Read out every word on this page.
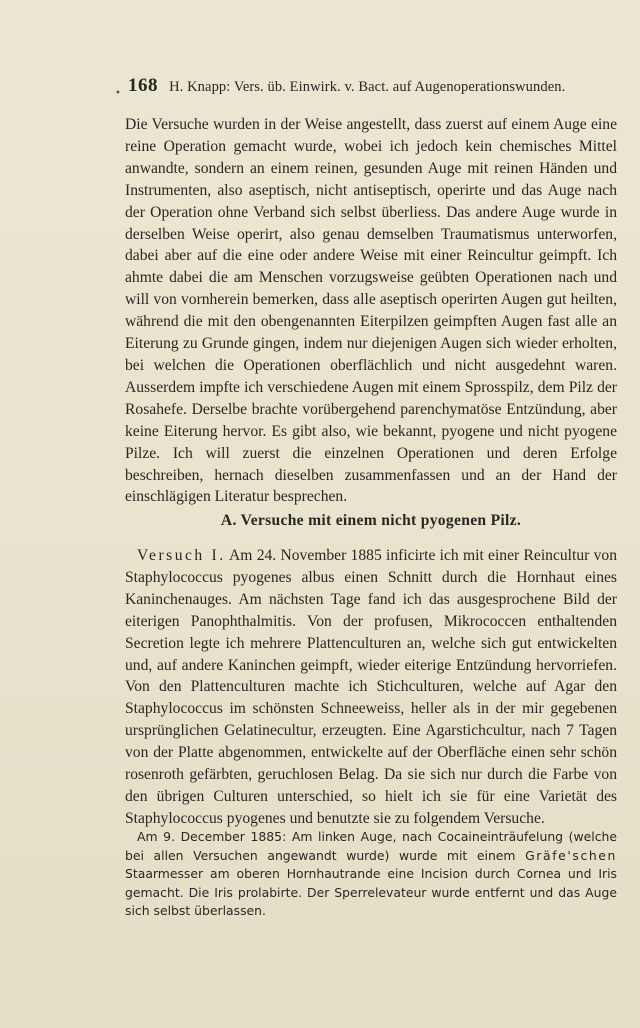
• 168 H. Knapp: Vers. üb. Einwirk. v. Bact. auf Augenoperationswunden.

Die Versuche wurden in der Weise angestellt, dass zuerst auf einem Auge eine reine Operation gemacht wurde, wobei ich jedoch kein chemisches Mittel anwandte, sondern an einem reinen, gesunden Auge mit reinen Händen und Instrumenten, also aseptisch, nicht antiseptisch, operirte und das Auge nach der Operation ohne Verband sich selbst überliess. Das andere Auge wurde in derselben Weise operirt, also genau demselben Traumatismus unterworfen, dabei aber auf die eine oder andere Weise mit einer Reincultur geimpft. Ich ahmte dabei die am Menschen vorzugsweise geübten Operationen nach und will von vornherein bemerken, dass alle aseptisch operirten Augen gut heilten, während die mit den obengenannten Eiterpilzen geimpften Augen fast alle an Eiterung zu Grunde gingen, indem nur diejenigen Augen sich wieder erholten, bei welchen die Operationen oberflächlich und nicht ausgedehnt waren. Ausserdem impfte ich verschiedene Augen mit einem Sprosspilz, dem Pilz der Rosahefe. Derselbe brachte vorübergehend parenchymatöse Entzündung, aber keine Eiterung hervor. Es gibt also, wie bekannt, pyogene und nicht pyogene Pilze. Ich will zuerst die einzelnen Operationen und deren Erfolge beschreiben, hernach dieselben zusammenfassen und an der Hand der einschlägigen Literatur besprechen.

A. Versuche mit einem nicht pyogenen Pilz.

Versuch I. Am 24. November 1885 inficirte ich mit einer Reincultur von Staphylococcus pyogenes albus einen Schnitt durch die Hornhaut eines Kaninchenauges. Am nächsten Tage fand ich das ausgesprochene Bild der eiterigen Panophthalmitis. Von der profusen, Mikrococcen enthaltenden Secretion legte ich mehrere Plattenculturen an, welche sich gut entwickelten und, auf andere Kaninchen geimpft, wieder eiterige Entzündung hervorriefen. Von den Plattenculturen machte ich Stichculturen, welche auf Agar den Staphylococcus im schönsten Schneeweiss, heller als in der mir gegebenen ursprünglichen Gelatinecultur, erzeugten. Eine Agarstichcultur, nach 7 Tagen von der Platte abgenommen, entwickelte auf der Oberfläche einen sehr schön rosenroth gefärbten, geruchlosen Belag. Da sie sich nur durch die Farbe von den übrigen Culturen unterschied, so hielt ich sie für eine Varietät des Staphylococcus pyogenes und benutzte sie zu folgendem Versuche.

Am 9. December 1885: Am linken Auge, nach Cocaineinträufelung (welche bei allen Versuchen angewandt wurde) wurde mit einem Gräfe'schen Staarmesser am oberen Hornhautrande eine Incision durch Cornea und Iris gemacht. Die Iris prolabirte. Der Sperrelevateur wurde entfernt und das Auge sich selbst überlassen.
